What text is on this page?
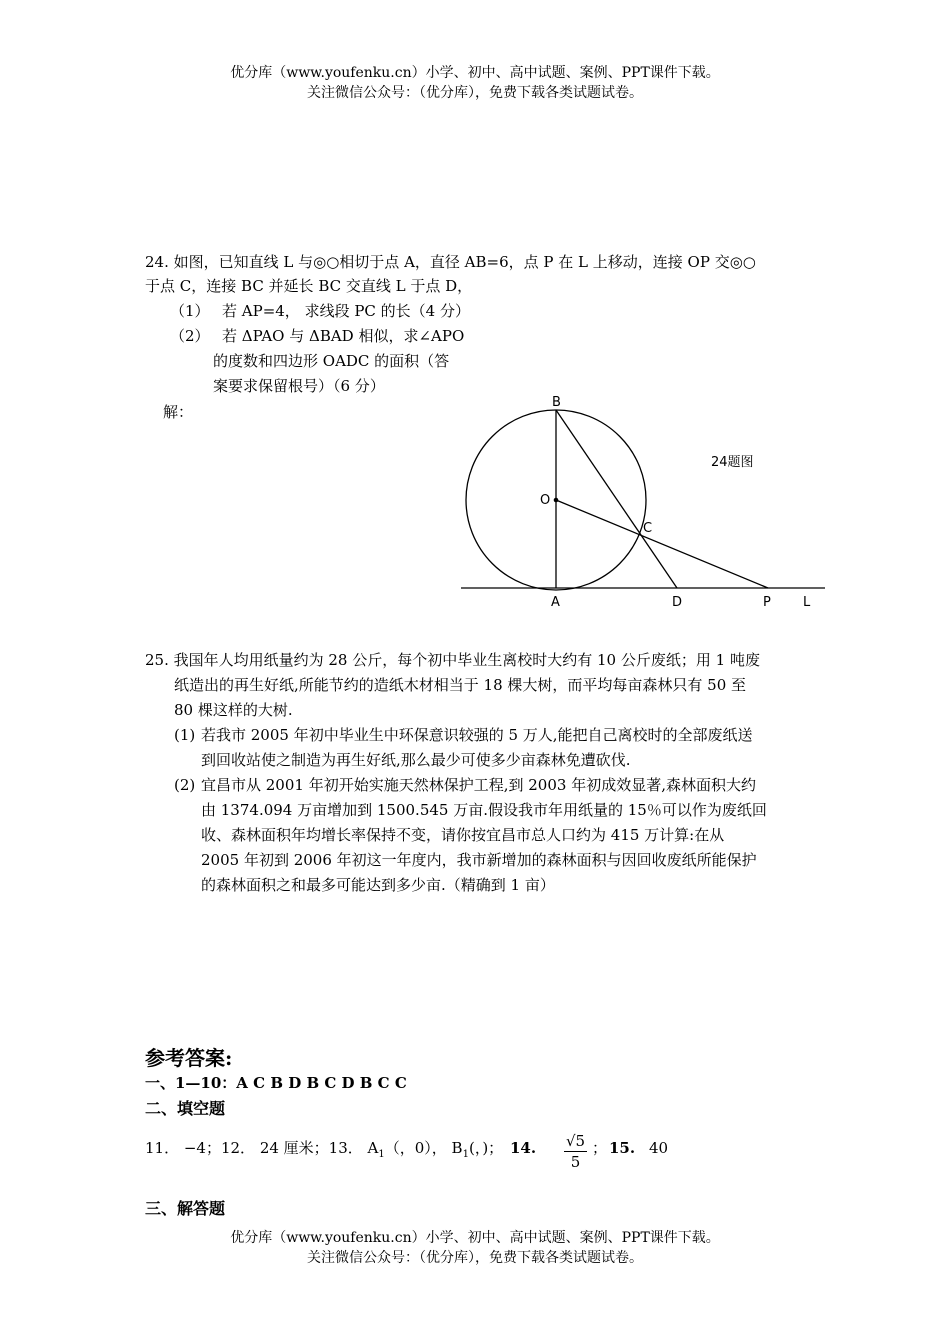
优分库（www.youfenku.cn）小学、初中、高中试题、案例、PPT课件下载。
关注微信公众号：（优分库），免费下载各类试题试卷。
24. 如图，已知直线 L 与◎○相切于点 A，直径 AB=6，点 P 在 L 上移动，连接 OP 交◎○
于点 C，连接 BC 并延长 BC 交直线 L 于点 D，
（1） 若 AP=4， 求线段 PC 的长（4 分）
（2） 若 ΔPAO 与 ΔBAD 相似，求∠APO
的度数和四边形 OADC 的面积（答
案要求保留根号）（6 分）
解：
B
O
C
A	D	P L
24题图
25. 我国年人均用纸量约为 28 公斤，每个初中毕业生离校时大约有 10 公斤废纸；用 1 吨废
纸造出的再生好纸,所能节约的造纸木材相当于 18 棵大树，而平均每亩森林只有 50 至
80 棵这样的大树.
(1) 若我市 2005 年初中毕业生中环保意识较强的 5 万人,能把自己离校时的全部废纸送
到回收站使之制造为再生好纸,那么最少可使多少亩森林免遭砍伐.
(2) 宜昌市从 2001 年初开始实施天然林保护工程,到 2003 年初成效显著,森林面积大约
由 1374.094 万亩增加到 1500.545 万亩.假设我市年用纸量的 15％可以作为废纸回
收、森林面积年均增长率保持不变，请你按宜昌市总人口约为 415 万计算:在从
2005 年初到 2006 年初这一年度内，我市新增加的森林面积与因回收废纸所能保护
的森林面积之和最多可能达到多少亩.（精确到 1 亩）
参考答案:
一、1—10：A C B D B C D B C C
二、填空题
11． −4；12． 24 厘米；13． $A_1$（，0）， $B_1$(，)； 14. $\frac{√5}{5}$ ； 15. 40
三、解答题
优分库（www.youfenku.cn）小学、初中、高中试题、案例、PPT课件下载。
关注微信公众号：（优分库），免费下载各类试题试卷。
